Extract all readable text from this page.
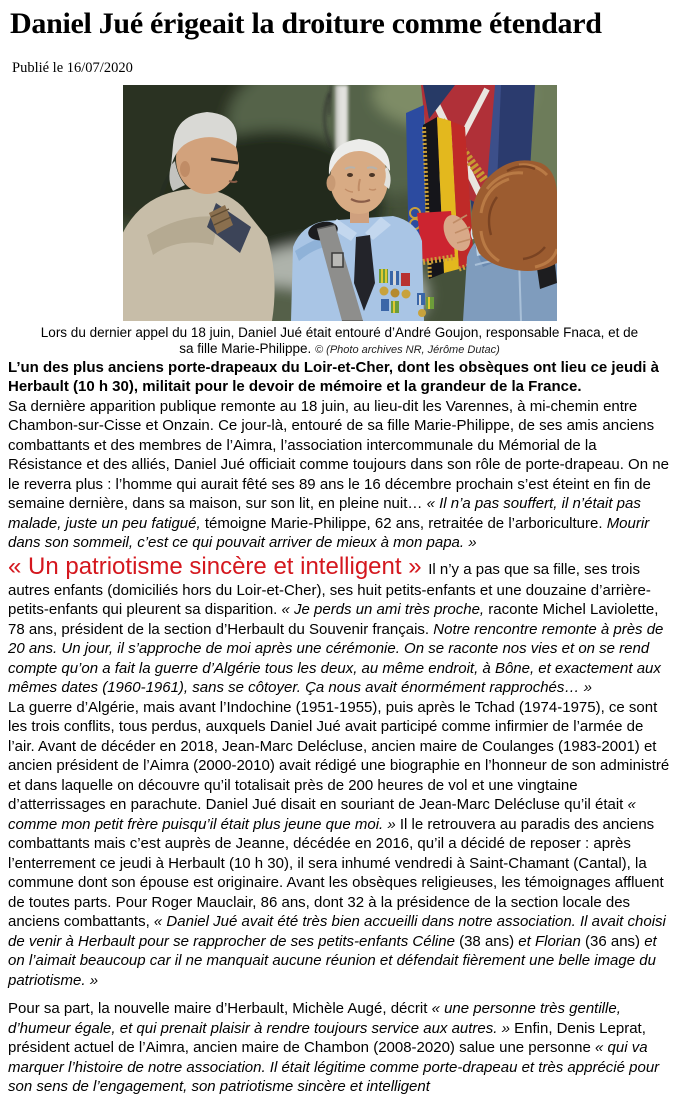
Daniel Jué érigeait la droiture comme étendard
Publié le 16/07/2020
Lors du dernier appel du 18 juin, Daniel Jué était entouré d’André Goujon, responsable Fnaca, et de sa fille Marie-Philippe. © (Photo archives NR, Jérôme Dutac)

L’un des plus anciens porte-drapeaux du Loir-et-Cher, dont les obsèques ont lieu ce jeudi à Herbault (10 h 30), militait pour le devoir de mémoire et la grandeur de la France.

Sa dernière apparition publique remonte au 18 juin, au lieu-dit les Varennes, à mi-chemin entre Chambon-sur-Cisse et Onzain. Ce jour-là, entouré de sa fille Marie-Philippe, de ses amis anciens combattants et des membres de l’Aimra, l’association intercommunale du Mémorial de la Résistance et des alliés, Daniel Jué officiait comme toujours dans son rôle de porte-drapeau. On ne le reverra plus : l’homme qui aurait fêté ses 89 ans le 16 décembre prochain s’est éteint en fin de semaine dernière, dans sa maison, sur son lit, en pleine nuit… « Il n’a pas souffert, il n’était pas malade, juste un peu fatigué, témoigne Marie-Philippe, 62 ans, retraitée de l’arboriculture. Mourir dans son sommeil, c’est ce qui pouvait arriver de mieux à mon papa. »

« Un patriotisme sincère et intelligent » Il n’y a pas que sa fille, ses trois autres enfants (domiciliés hors du Loir-et-Cher), ses huit petits-enfants et une douzaine d’arrière-petits-enfants qui pleurent sa disparition. « Je perds un ami très proche, raconte Michel Laviolette, 78 ans, président de la section d’Herbault du Souvenir français. Notre rencontre remonte à près de 20 ans. Un jour, il s’approche de moi après une cérémonie. On se raconte nos vies et on se rend compte qu’on a fait la guerre d’Algérie tous les deux, au même endroit, à Bône, et exactement aux mêmes dates (1960-1961), sans se côtoyer. Ça nous avait énormément rapprochés… »

La guerre d’Algérie, mais avant l’Indochine (1951-1955), puis après le Tchad (1974-1975), ce sont les trois conflits, tous perdus, auxquels Daniel Jué avait participé comme infirmier de l’armée de l’air. Avant de décéder en 2018, Jean-Marc Delécluse, ancien maire de Coulanges (1983-2001) et ancien président de l’Aimra (2000-2010) avait rédigé une biographie en l’honneur de son administré et dans laquelle on découvre qu’il totalisait près de 200 heures de vol et une vingtaine d’atterrissages en parachute. Daniel Jué disait en souriant de Jean-Marc Delécluse qu’il était « comme mon petit frère puisqu’il était plus jeune que moi. » Il le retrouvera au paradis des anciens combattants mais c’est auprès de Jeanne, décédée en 2016, qu’il a décidé de reposer : après l’enterrement ce jeudi à Herbault (10 h 30), il sera inhumé vendredi à Saint-Chamant (Cantal), la commune dont son épouse est originaire. Avant les obsèques religieuses, les témoignages affluent de toutes parts. Pour Roger Mauclair, 86 ans, dont 32 à la présidence de la section locale des anciens combattants, « Daniel Jué avait été très bien accueilli dans notre association. Il avait choisi de venir à Herbault pour se rapprocher de ses petits-enfants Céline (38 ans) et Florian (36 ans) et on l’aimait beaucoup car il ne manquait aucune réunion et défendait fièrement une belle image du patriotisme. »

Pour sa part, la nouvelle maire d’Herbault, Michèle Augé, décrit « une personne très gentille, d’humeur égale, et qui prenait plaisir à rendre toujours service aux autres. » Enfin, Denis Leprat, président actuel de l’Aimra, ancien maire de Chambon (2008-2020) salue une personne « qui va marquer l’histoire de notre association. Il était légitime comme porte-drapeau et très apprécié pour son sens de l’engagement, son patriotisme sincère et intelligent
